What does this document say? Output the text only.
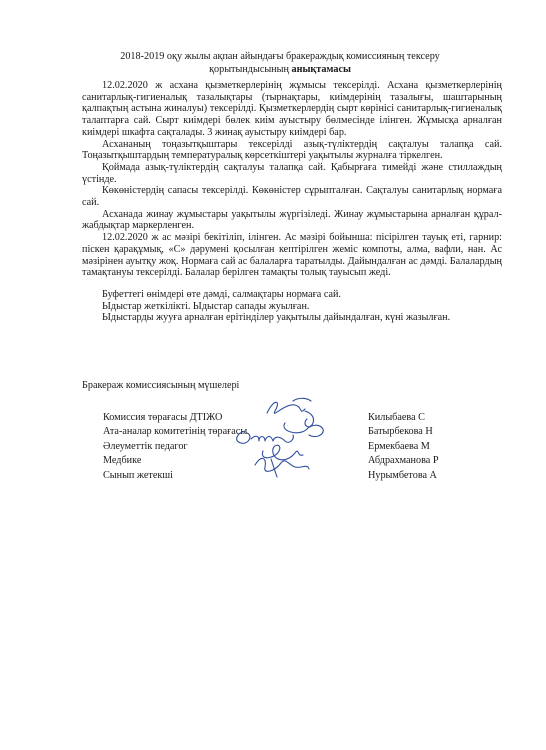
2018-2019 оқу жылы ақпан айындағы бракераждық комиссияның тексеру
қорытындысының анықтамасы

12.02.2020 ж асхана қызметкерлерінің жұмысы тексерілді. Асхана қызметкерлерінің санитарлық-гигиеналық тазалықтары (тырнақтары, киімдерінің тазалығы, шаштарының қалпақтың астына жиналуы) тексерілді. Қызметкерлердің сырт көрінісі санитарлық-гигиеналық талаптарға сай. Сырт киімдері бөлек киім ауыстыру бөлмесінде ілінген. Жұмысқа арналған киімдері шкафта сақталады. 3 жинақ ауыстыру киімдері бар.

Асхананың тоңазытқыштары тексерілді азық-түліктердің сақталуы талапқа сай. Тоңазытқыштардың температуралық көрсеткіштері уақытылы журналға тіркелген.

Қоймада азық-түліктердің сақталуы талапқа сай. Қабырғаға тимейді және стиллаждың үстінде.

Көкөністердің сапасы тексерілді. Көкөністер сұрыпталған. Сақталуы санитарлық нормаға сай.

Асханада жинау жұмыстары уақытылы жүргізіледі. Жинау жұмыстарына арналған құрал-жабдықтар маркерленген.

12.02.2020 ж ас мәзірі бекітіліп, ілінген. Ас мәзірі бойынша: пісірілген тауық еті, гарнир: піскен қарақұмық, «С» дәрумені қосылған кептірілген жеміс компоты, алма, вафли, нан. Ас мәзірінен ауытқу жоқ. Нормаға сай ас балаларға таратылды. Дайындалған ас дәмді. Балалардың тамақтануы тексерілді. Балалар берілген тамақты толық тауысып жеді.

Буфеттегі өнімдері өте дәмді, салмақтары нормаға сай.

Ыдыстар жеткілікті. Ыдыстар сапады жуылған.

Ыдыстарды жууға арналған ерітінділер уақытылы дайындалған, күні жазылған.

Бракераж комиссиясының мүшелері
Комиссия төрағасы ДТІЖО	Килыбаева С
Ата-аналар комитетінің төрағасы	Батырбекова Н
Әлеуметтік педагог	Ермекбаева М
Медбике	Абдрахманова Р
Сынып жетекші	Нурымбетова А
